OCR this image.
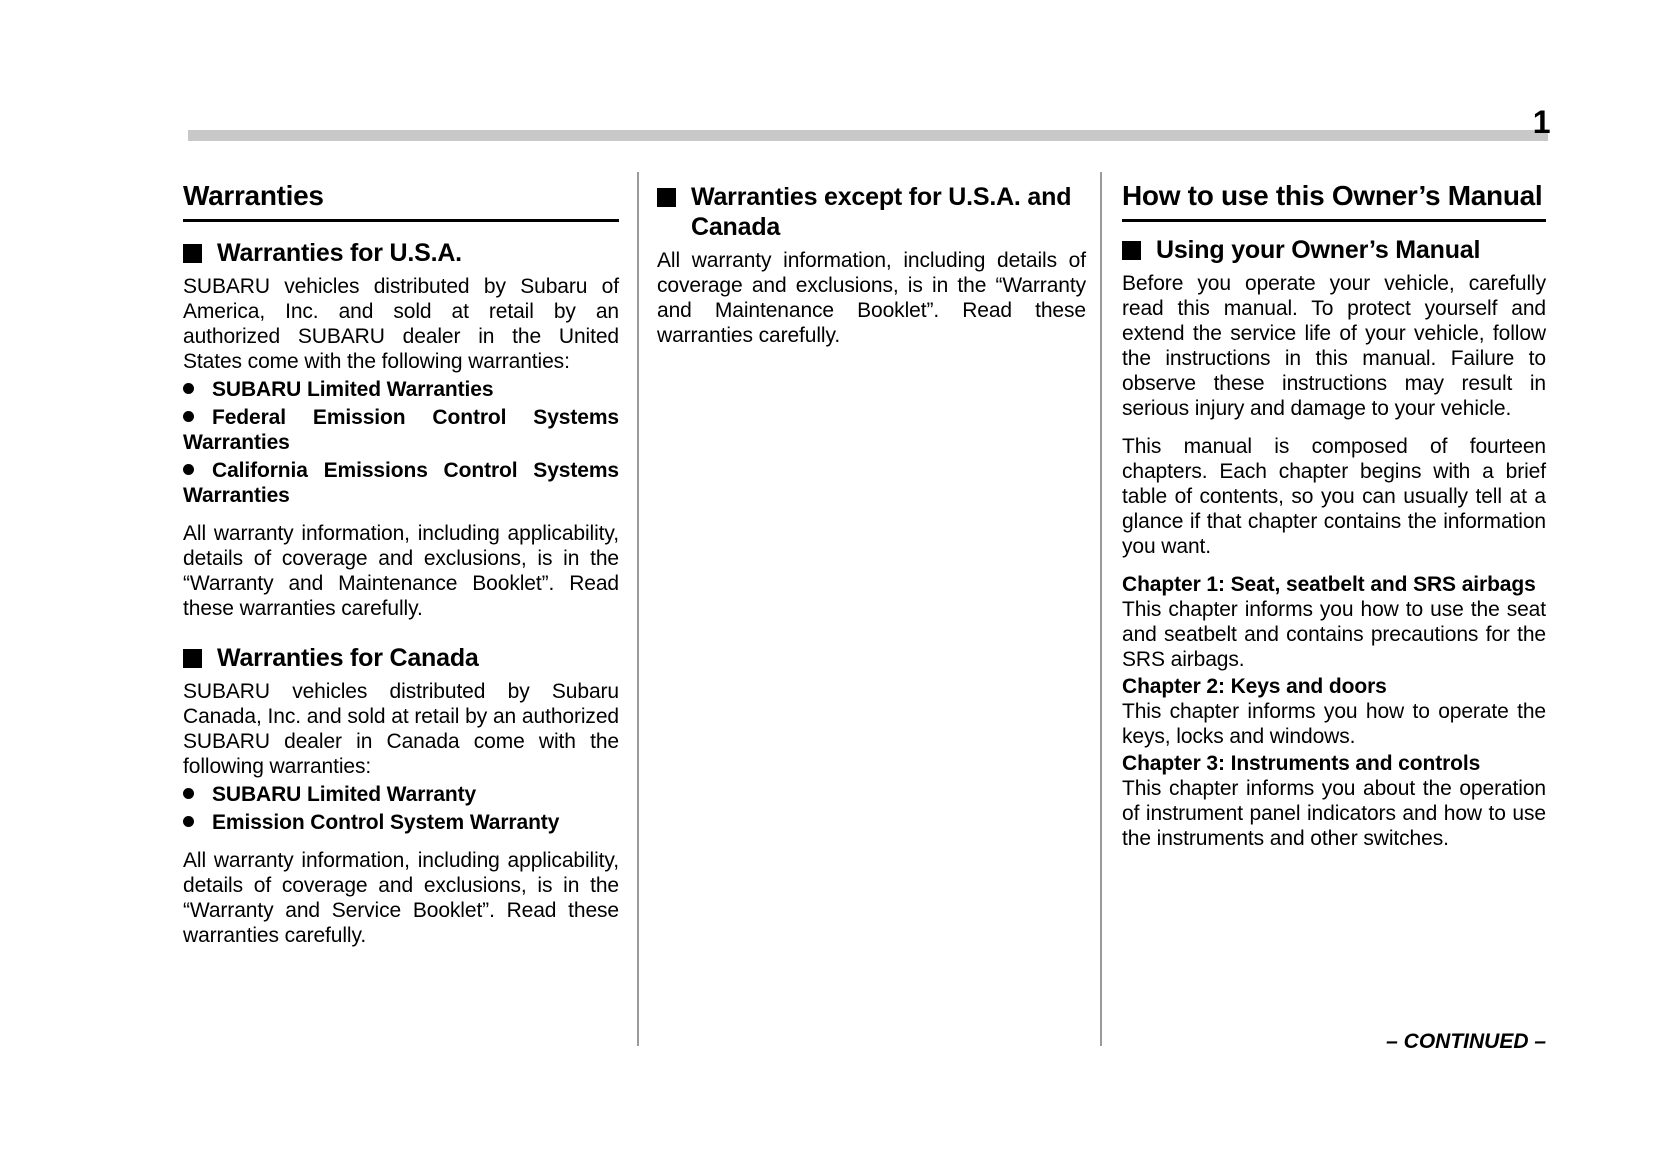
1
Warranties
Warranties for U.S.A.

SUBARU vehicles distributed by Subaru of America, Inc. and sold at retail by an authorized SUBARU dealer in the United States come with the following warranties:

SUBARU Limited Warranties
Federal Emission Control Systems Warranties
California Emissions Control Systems Warranties

All warranty information, including applicability, details of coverage and exclusions, is in the “Warranty and Maintenance Booklet”. Read these warranties carefully.

Warranties for Canada

SUBARU vehicles distributed by Subaru Canada, Inc. and sold at retail by an authorized SUBARU dealer in Canada come with the following warranties:

SUBARU Limited Warranty
Emission Control System Warranty

All warranty information, including applicability, details of coverage and exclusions, is in the “Warranty and Service Booklet”. Read these warranties carefully.

Warranties except for U.S.A. and Canada

All warranty information, including details of coverage and exclusions, is in the “Warranty and Maintenance Booklet”. Read these warranties carefully.

How to use this Owner’s Manual
Using your Owner’s Manual

Before you operate your vehicle, carefully read this manual. To protect yourself and extend the service life of your vehicle, follow the instructions in this manual. Failure to observe these instructions may result in serious injury and damage to your vehicle.

This manual is composed of fourteen chapters. Each chapter begins with a brief table of contents, so you can usually tell at a glance if that chapter contains the information you want.

Chapter 1: Seat, seatbelt and SRS airbags

This chapter informs you how to use the seat and seatbelt and contains precautions for the SRS airbags.

Chapter 2: Keys and doors

This chapter informs you how to operate the keys, locks and windows.

Chapter 3: Instruments and controls

This chapter informs you about the operation of instrument panel indicators and how to use the instruments and other switches.

– CONTINUED –
